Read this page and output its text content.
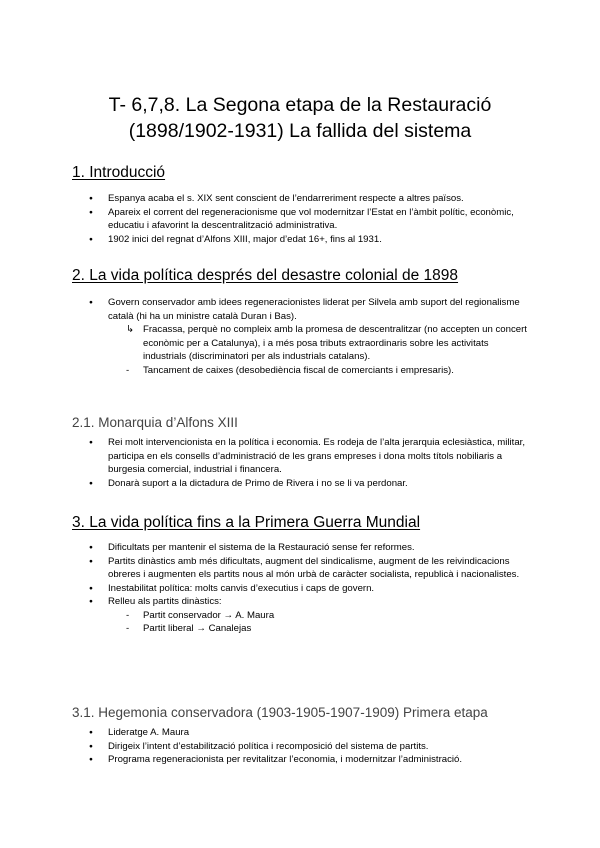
T- 6,7,8. La Segona etapa de la Restauració
(1898/1902-1931) La fallida del sistema
1. Introducció
● Espanya acaba el s. XIX sent conscient de l’endarreriment respecte a altres països.
● Apareix el corrent del regeneracionisme que vol modernitzar l’Estat en l’àmbit polític, econòmic, educatiu i afavorint la descentralització administrativa.
● 1902 inici del regnat d’Alfons XIII, major d’edat 16+, fins al 1931.
2. La vida política després del desastre colonial de 1898
● Govern conservador amb idees regeneracionistes liderat per Silvela amb suport del regionalisme català (hi ha un ministre català Duran i Bas).
↳ Fracassa, perquè no compleix amb la promesa de descentralitzar (no accepten un concert econòmic per a Catalunya), i a més posa tributs extraordinaris sobre les activitats industrials (discriminatori per als industrials catalans).
- Tancament de caixes (desobediència fiscal de comerciants i empresaris).
2.1. Monarquia d’Alfons XIII
● Rei molt intervencionista en la política i economia. Es rodeja de l’alta jerarquia eclesiàstica, militar, participa en els consells d’administració de les grans empreses i dona molts títols nobiliaris a burgesia comercial, industrial i financera.
● Donarà suport a la dictadura de Primo de Rivera i no se li va perdonar.
3. La vida política fins a la Primera Guerra Mundial
● Dificultats per mantenir el sistema de la Restauració sense fer reformes.
● Partits dinàstics amb més dificultats, augment del sindicalisme, augment de les reivindicacions obreres i augmenten els partits nous al món urbà de caràcter socialista, republicà i nacionalistes.
● Inestabilitat política: molts canvis d’executius i caps de govern.
● Relleu als partits dinàstics:
- Partit conservador → A. Maura
- Partit liberal → Canalejas
3.1. Hegemonia conservadora (1903-1905-1907-1909) Primera etapa
● Lideratge A. Maura
● Dirigeix l’intent d’estabilització política i recomposició del sistema de partits.
● Programa regeneracionista per revitalitzar l’economia, i modernitzar l’administració.
